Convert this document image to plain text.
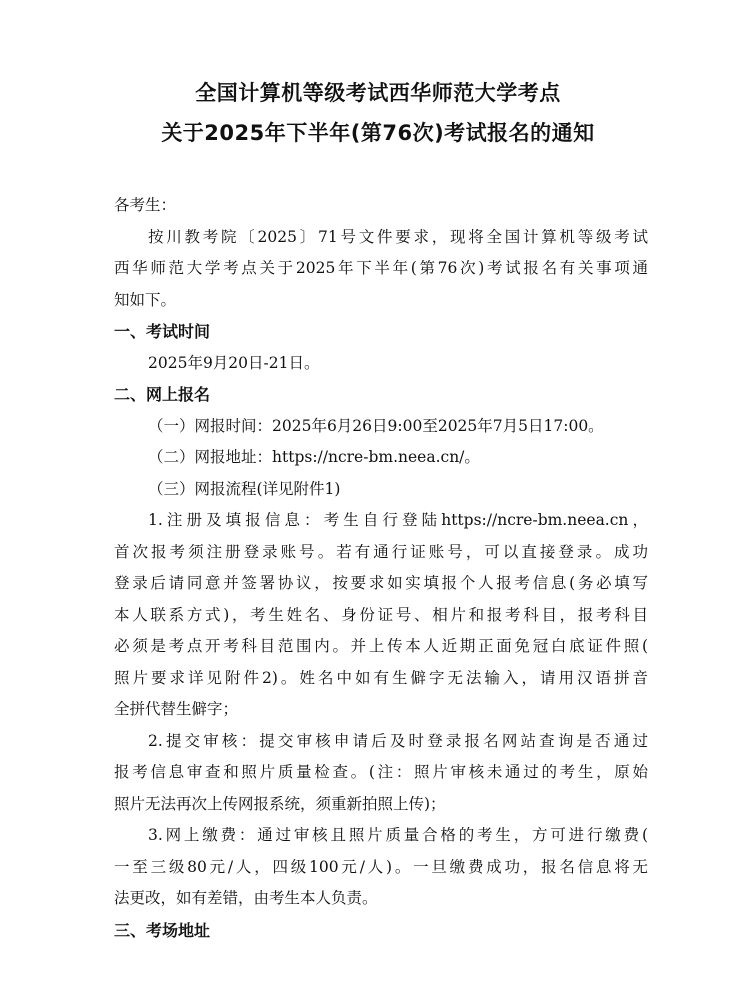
全国计算机等级考试西华师范大学考点
关于2025年下半年(第76次)考试报名的通知
各考生：
按川教考院〔2025〕71号文件要求，现将全国计算机等级考试
西华师范大学考点关于2025年下半年(第76次)考试报名有关事项通
知如下。
一、考试时间
2025年9月20日-21日。
二、网上报名
（一）网报时间：2025年6月26日9:00至2025年7月5日17:00。
（二）网报地址：https://ncre-bm.neea.cn/。
（三）网报流程(详见附件1)
1.注册及填报信息：考生自行登陆https://ncre-bm.neea.cn，
首次报考须注册登录账号。若有通行证账号，可以直接登录。成功
登录后请同意并签署协议，按要求如实填报个人报考信息(务必填写
本人联系方式)，考生姓名、身份证号、相片和报考科目，报考科目
必须是考点开考科目范围内。并上传本人近期正面免冠白底证件照(
照片要求详见附件2)。姓名中如有生僻字无法输入，请用汉语拼音
全拼代替生僻字；
2.提交审核：提交审核申请后及时登录报名网站查询是否通过
报考信息审查和照片质量检查。(注：照片审核未通过的考生，原始
照片无法再次上传网报系统，须重新拍照上传)；
3.网上缴费：通过审核且照片质量合格的考生，方可进行缴费(
一至三级80元/人，四级100元/人)。一旦缴费成功，报名信息将无
法更改，如有差错，由考生本人负责。
三、考场地址
